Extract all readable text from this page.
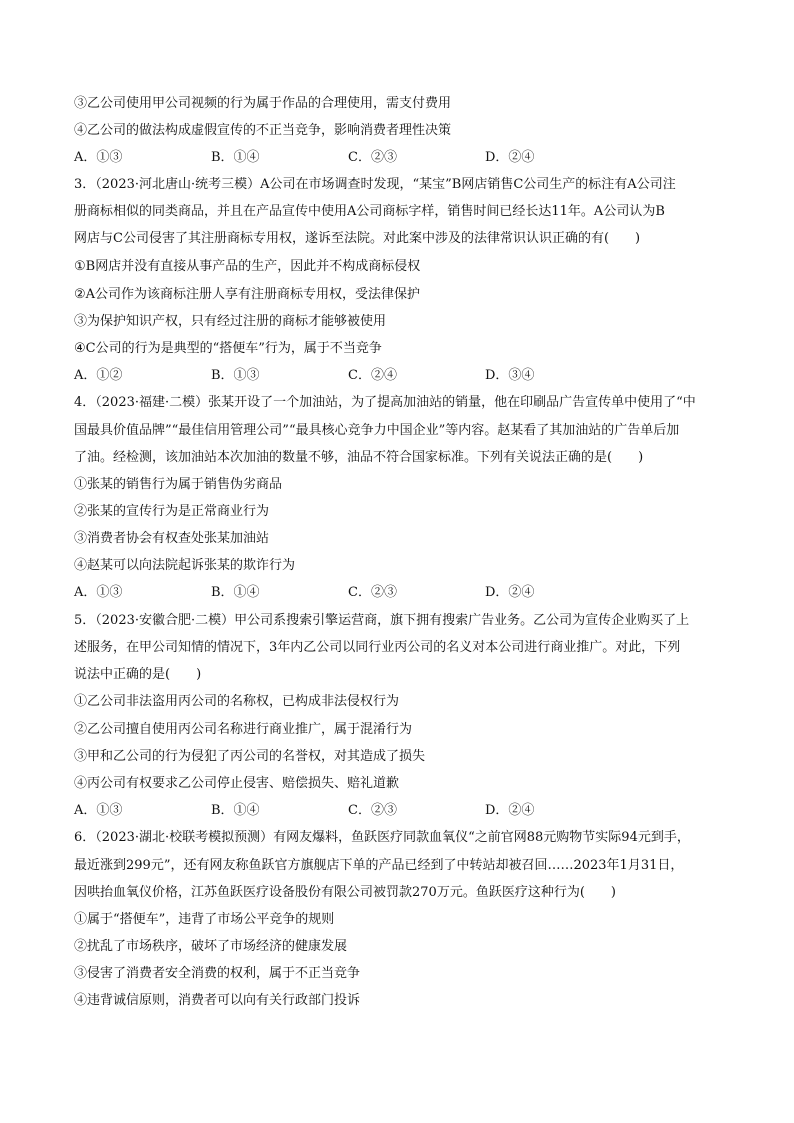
③乙公司使用甲公司视频的行为属于作品的合理使用，需支付费用
④乙公司的做法构成虚假宣传的不正当竞争，影响消费者理性决策
A．①③	B．①④	C．②③	D．②④
3．（2023·河北唐山·统考三模）A公司在市场调查时发现，“某宝”B网店销售C公司生产的标注有A公司注
册商标相似的同类商品，并且在产品宣传中使用A公司商标字样，销售时间已经长达11年。A公司认为B
网店与C公司侵害了其注册商标专用权，遂诉至法院。对此案中涉及的法律常识认识正确的有(　　)
①B网店并没有直接从事产品的生产，因此并不构成商标侵权
②A公司作为该商标注册人享有注册商标专用权，受法律保护
③为保护知识产权，只有经过注册的商标才能够被使用
④C公司的行为是典型的“搭便车”行为，属于不当竞争
A．①②	B．①③	C．②④	D．③④
4．（2023·福建·二模）张某开设了一个加油站，为了提高加油站的销量，他在印刷品广告宣传单中使用了“中
国最具价值品牌”“最佳信用管理公司”“最具核心竞争力中国企业”等内容。赵某看了其加油站的广告单后加
了油。经检测，该加油站本次加油的数量不够，油品不符合国家标准。下列有关说法正确的是(　　)
①张某的销售行为属于销售伪劣商品
②张某的宣传行为是正常商业行为
③消费者协会有权查处张某加油站
④赵某可以向法院起诉张某的欺诈行为
A．①③	B．①④	C．②③	D．②④
5．（2023·安徽合肥·二模）甲公司系搜索引擎运营商，旗下拥有搜索广告业务。乙公司为宣传企业购买了上
述服务，在甲公司知情的情况下，3年内乙公司以同行业丙公司的名义对本公司进行商业推广。对此，下列
说法中正确的是(　　)
①乙公司非法盗用丙公司的名称权，已构成非法侵权行为
②乙公司擅自使用丙公司名称进行商业推广，属于混淆行为
③甲和乙公司的行为侵犯了丙公司的名誉权，对其造成了损失
④丙公司有权要求乙公司停止侵害、赔偿损失、赔礼道歉
A．①③	B．①④	C．②③	D．②④
6．（2023·湖北·校联考模拟预测）有网友爆料，鱼跃医疗同款血氧仪“之前官网88元购物节实际94元到手，
最近涨到299元”，还有网友称鱼跃官方旗舰店下单的产品已经到了中转站却被召回……2023年1月31日，
因哄抬血氧仪价格，江苏鱼跃医疗设备股份有限公司被罚款270万元。鱼跃医疗这种行为(　　)
①属于“搭便车”，违背了市场公平竞争的规则
②扰乱了市场秩序，破坏了市场经济的健康发展
③侵害了消费者安全消费的权利，属于不正当竞争
④违背诚信原则，消费者可以向有关行政部门投诉
